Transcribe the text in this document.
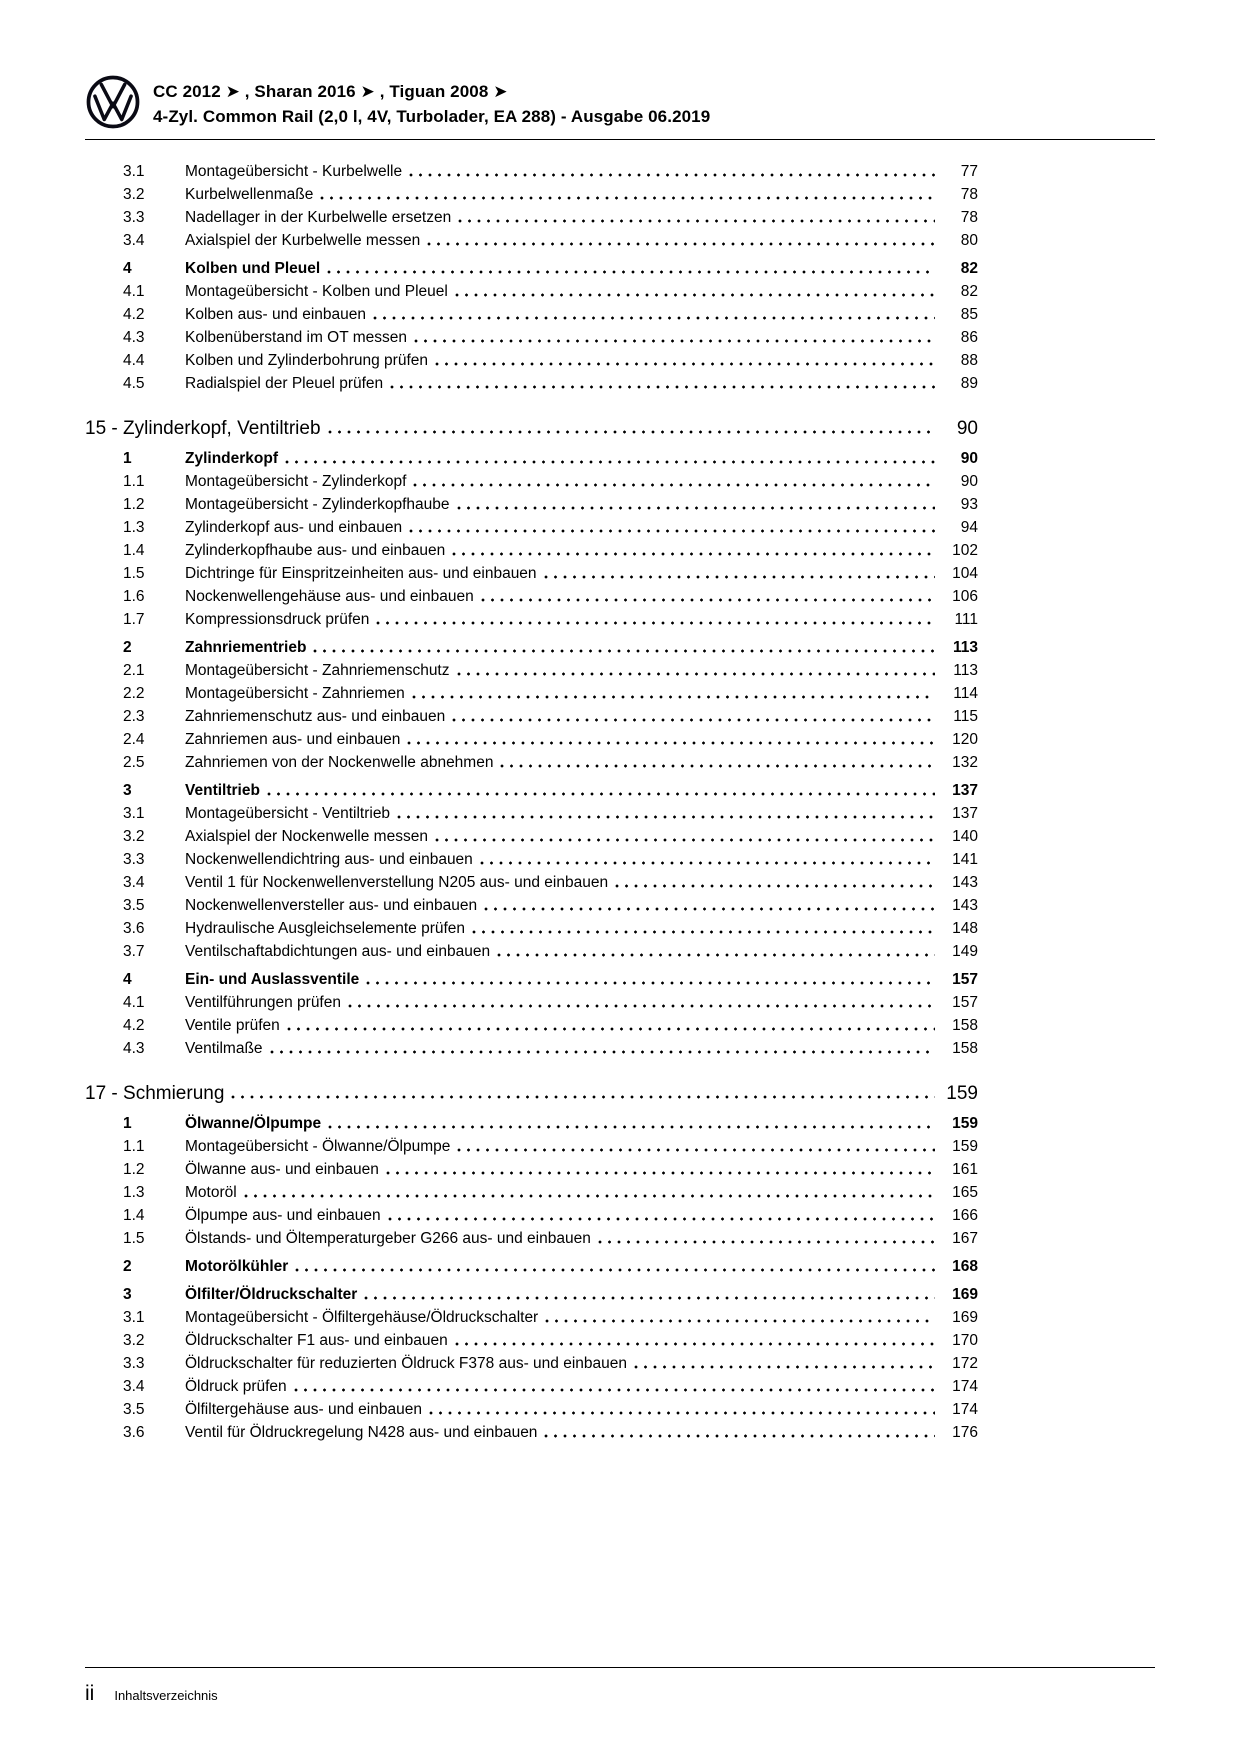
CC 2012 ➤ , Sharan 2016 ➤ , Tiguan 2008 ➤
4-Zyl. Common Rail (2,0 l, 4V, Turbolader, EA 288) - Ausgabe 06.2019
3.1	Montageübersicht - Kurbelwelle	77
3.2	Kurbelwellenmaße	78
3.3	Nadellager in der Kurbelwelle ersetzen	78
3.4	Axialspiel der Kurbelwelle messen	80
4	Kolben und Pleuel	82
4.1	Montageübersicht - Kolben und Pleuel	82
4.2	Kolben aus- und einbauen	85
4.3	Kolbenüberstand im OT messen	86
4.4	Kolben und Zylinderbohrung prüfen	88
4.5	Radialspiel der Pleuel prüfen	89
15 - Zylinderkopf, Ventiltrieb	90
1	Zylinderkopf	90
1.1	Montageübersicht - Zylinderkopf	90
1.2	Montageübersicht - Zylinderkopfhaube	93
1.3	Zylinderkopf aus- und einbauen	94
1.4	Zylinderkopfhaube aus- und einbauen	102
1.5	Dichtringe für Einspritzeinheiten aus- und einbauen	104
1.6	Nockenwellengehäuse aus- und einbauen	106
1.7	Kompressionsdruck prüfen	111
2	Zahnriementrieb	113
2.1	Montageübersicht - Zahnriemenschutz	113
2.2	Montageübersicht - Zahnriemen	114
2.3	Zahnriemenschutz aus- und einbauen	115
2.4	Zahnriemen aus- und einbauen	120
2.5	Zahnriemen von der Nockenwelle abnehmen	132
3	Ventiltrieb	137
3.1	Montageübersicht - Ventiltrieb	137
3.2	Axialspiel der Nockenwelle messen	140
3.3	Nockenwellendichtring aus- und einbauen	141
3.4	Ventil 1 für Nockenwellenverstellung N205 aus- und einbauen	143
3.5	Nockenwellenversteller aus- und einbauen	143
3.6	Hydraulische Ausgleichselemente prüfen	148
3.7	Ventilschaftabdichtungen aus- und einbauen	149
4	Ein- und Auslassventile	157
4.1	Ventilführungen prüfen	157
4.2	Ventile prüfen	158
4.3	Ventilmaße	158
17 - Schmierung	159
1	Ölwanne/Ölpumpe	159
1.1	Montageübersicht - Ölwanne/Ölpumpe	159
1.2	Ölwanne aus- und einbauen	161
1.3	Motoröl	165
1.4	Ölpumpe aus- und einbauen	166
1.5	Ölstands- und Öltemperaturgeber G266 aus- und einbauen	167
2	Motorölkühler	168
3	Ölfilter/Öldruckschalter	169
3.1	Montageübersicht - Ölfiltergehäuse/Öldruckschalter	169
3.2	Öldruckschalter F1 aus- und einbauen	170
3.3	Öldruckschalter für reduzierten Öldruck F378 aus- und einbauen	172
3.4	Öldruck prüfen	174
3.5	Ölfiltergehäuse aus- und einbauen	174
3.6	Ventil für Öldruckregelung N428 aus- und einbauen	176
ii Inhaltsverzeichnis
